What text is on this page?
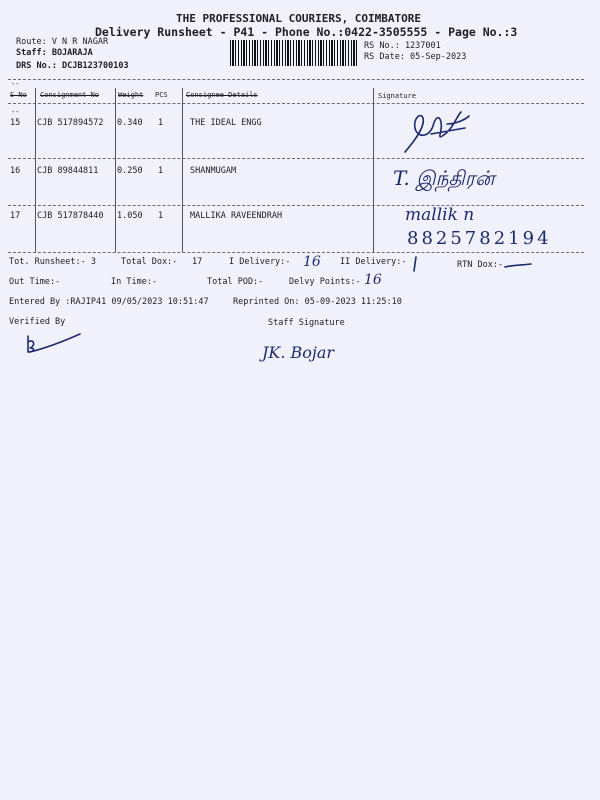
THE PROFESSIONAL COURIERS, COIMBATORE
Delivery Runsheet - P41 - Phone No.:0422-3505555 - Page No.:3
Route: V N R NAGAR
Staff: BOJARAJA
DRS No.: DCJB123700103
RS No.: 1237001
RS Date: 05-Sep-2023
--
S No Consignment No	Weight PCS	Consignee Details	Signature
--
15 CJB 517894572 0.340 1	THE IDEAL ENGG
16 CJB 89844811 0.250 1	SHANMUGAM	T. இந்திரன்
17 CJB 517878440 1.050 1	MALLIKA RAVEENDRAH	mallik n
8825782194
Tot. Runsheet:- 3	Total Dox:- 17	I Delivery:- 16 II Delivery:-	RTN Dox:-
Out Time:-	In Time:-	Total POD:-	Delvy Points:- 16
Entered By :RAJIP41 09/05/2023 10:51:47	Reprinted On: 05-09-2023 11:25:10
Verified By	Staff Signature
JK. Bojar
